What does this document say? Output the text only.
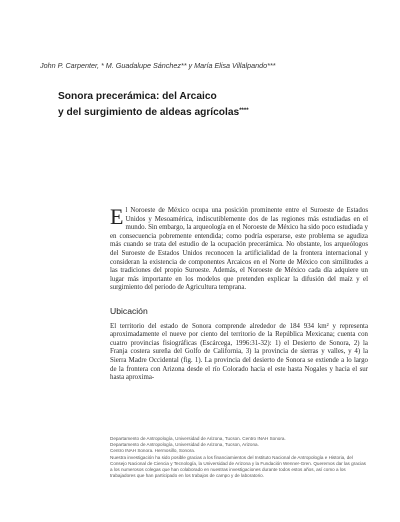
John P. Carpenter, * M. Guadalupe Sánchez** y María Elisa Villalpando***
Sonora precerámica: del Arcaico
y del surgimiento de aldeas agrícolas****

El Noroeste de México ocupa una posición prominente entre el Suroeste de Estados Unidos y Mesoamérica, indiscutiblemente dos de las regiones más estudiadas en el mundo. Sin embargo, la arqueología en el Noroeste de México ha sido poco estudiada y en consecuencia pobremente entendida; como podría esperarse, este problema se agudiza más cuando se trata del estudio de la ocupación precerámica. No obstante, los arqueólogos del Suroeste de Estados Unidos reconocen la artificialidad de la frontera internacional y consideran la existencia de componentes Arcaicos en el Norte de México con similitudes a las tradiciones del propio Suroeste. Además, el Noroeste de México cada día adquiere un lugar más importante en los modelos que pretenden explicar la difusión del maíz y el surgimiento del periodo de Agricultura temprana.

Ubicación

El territorio del estado de Sonora comprende alrededor de 184 934 km² y representa aproximadamente el nueve por ciento del territorio de la República Mexicana; cuenta con cuatro provincias fisiográficas (Escárcega, 1996:31-32): 1) el Desierto de Sonora, 2) la Franja costera sureña del Golfo de California, 3) la provincia de sierras y valles, y 4) la Sierra Madre Occidental (fig. 1). La provincia del desierto de Sonora se extiende a lo largo de la frontera con Arizona desde el río Colorado hacia el este hasta Nogales y hacia el sur hasta aproxima-

Departamento de Antropología, Universidad de Arizona, Tucson. Centro INAH Sonora.

Departamento de Antropología, Universidad de Arizona, Tucson, Arizona.

Centro INAH Sonora. Hermosillo, Sonora.

Nuestra investigación ha sido posible gracias a los financiamientos del Instituto Nacional de Antropología e Historia, del Consejo Nacional de Ciencia y Tecnología, la Universidad de Arizona y la Fundación Wenner-Gren. Queremos dar las gracias a los numerosos colegas que han colaborado en nuestras investigaciones durante todos estos años, así como a los trabajadores que han participado en los trabajos de campo y de laboratorio.
